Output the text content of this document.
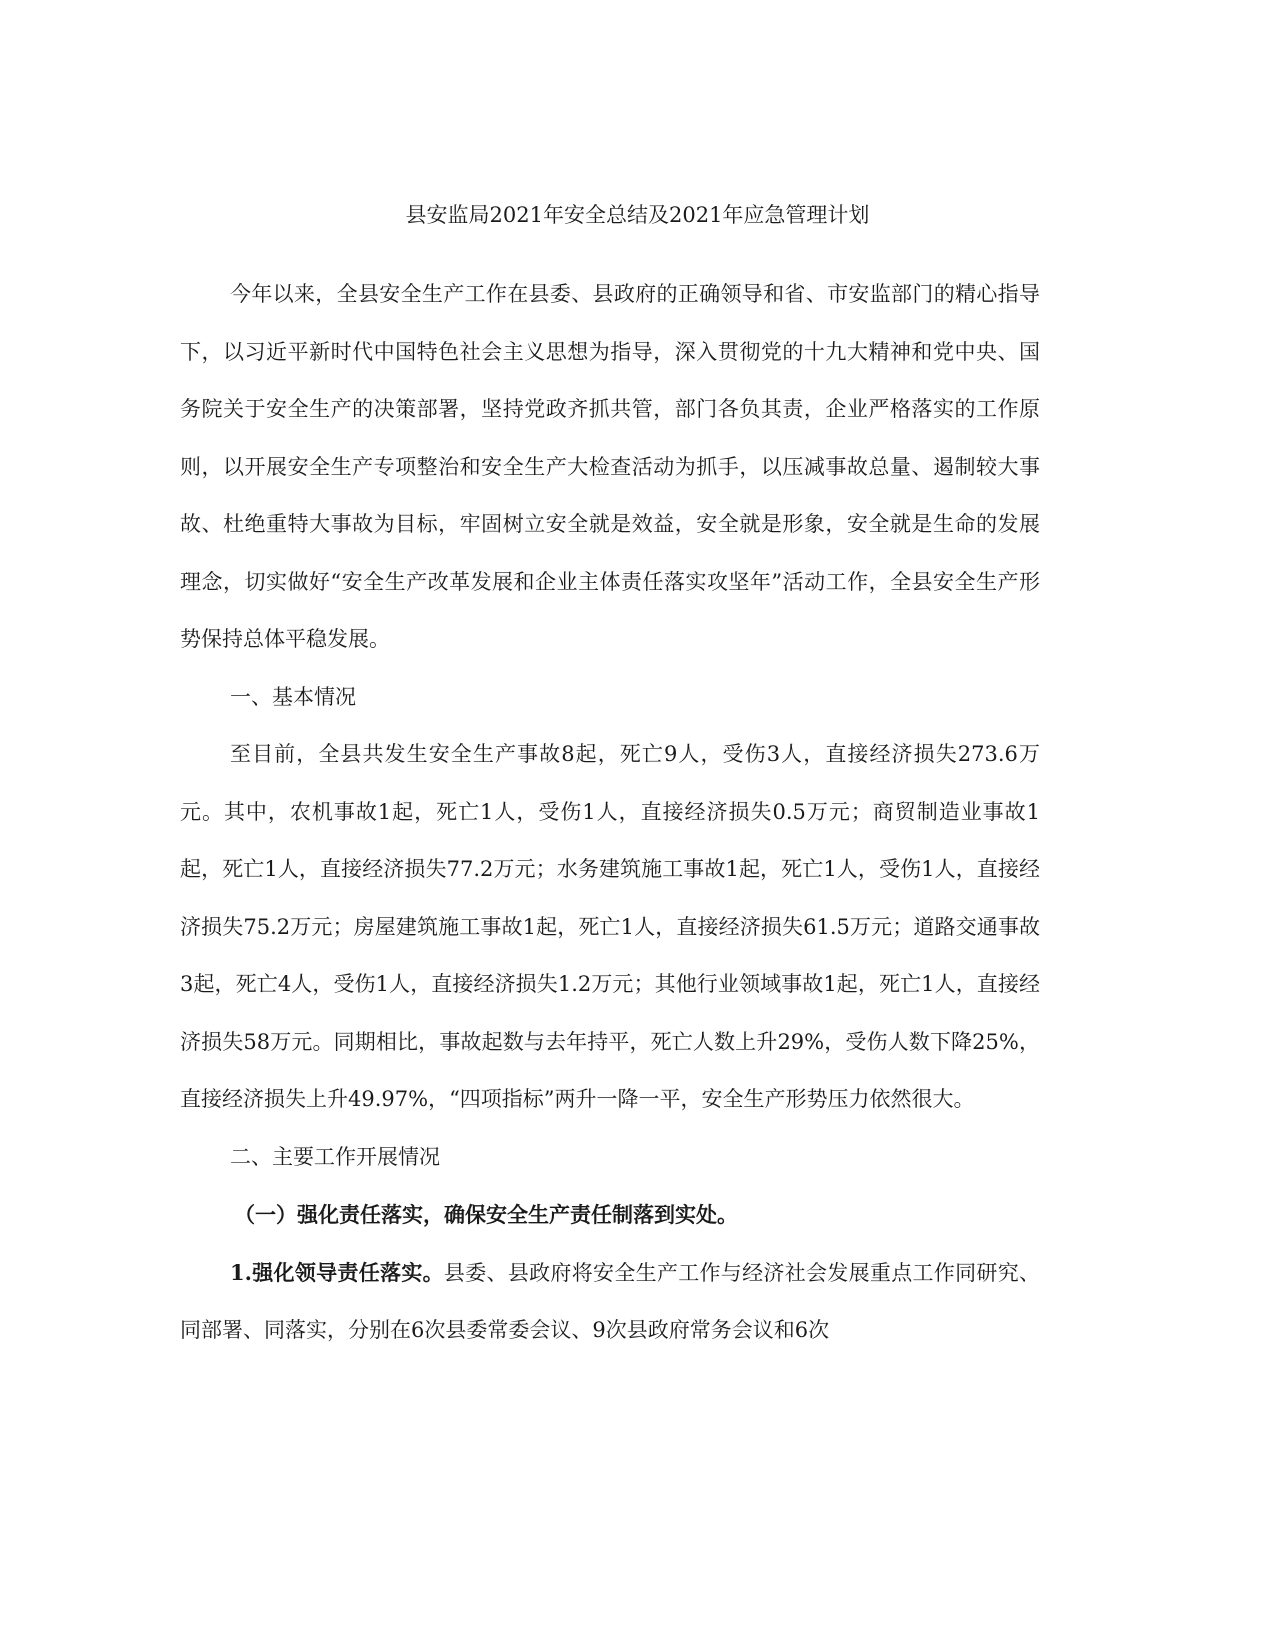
县安监局2021年安全总结及2021年应急管理计划

今年以来，全县安全生产工作在县委、县政府的正确领导和省、市安监部门的精心指导下，以习近平新时代中国特色社会主义思想为指导，深入贯彻党的十九大精神和党中央、国务院关于安全生产的决策部署，坚持党政齐抓共管，部门各负其责，企业严格落实的工作原则，以开展安全生产专项整治和安全生产大检查活动为抓手，以压减事故总量、遏制较大事故、杜绝重特大事故为目标，牢固树立安全就是效益，安全就是形象，安全就是生命的发展理念，切实做好“安全生产改革发展和企业主体责任落实攻坚年”活动工作，全县安全生产形势保持总体平稳发展。

一、基本情况

至目前，全县共发生安全生产事故8起，死亡9人，受伤3人，直接经济损失273.6万元。其中，农机事故1起，死亡1人，受伤1人，直接经济损失0.5万元；商贸制造业事故1起，死亡1人，直接经济损失77.2万元；水务建筑施工事故1起，死亡1人，受伤1人，直接经济损失75.2万元；房屋建筑施工事故1起，死亡1人，直接经济损失61.5万元；道路交通事故3起，死亡4人，受伤1人，直接经济损失1.2万元；其他行业领域事故1起，死亡1人，直接经济损失58万元。同期相比，事故起数与去年持平，死亡人数上升29%，受伤人数下降25%，直接经济损失上升49.97%，“四项指标”两升一降一平，安全生产形势压力依然很大。

二、主要工作开展情况

（一）强化责任落实，确保安全生产责任制落到实处。

1.强化领导责任落实。县委、县政府将安全生产工作与经济社会发展重点工作同研究、同部署、同落实，分别在6次县委常委会议、9次县政府常务会议和6次
